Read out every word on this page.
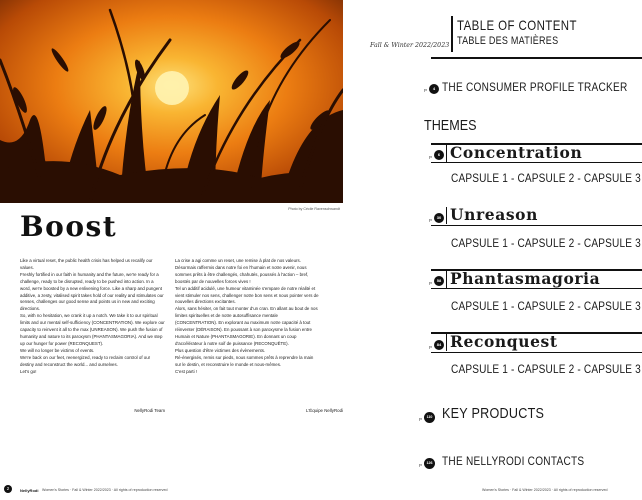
Photo by Cécile Ravenschwandt
Boost

Like a virtual reset, the public health crisis has helped us recalify our values.

Freshly fortified in our faith in humanity and the future, we're ready for a challenge, ready to be disrupted, ready to be pushed into action. In a word, we're boosted by a new enlivening force. Like a sharp and pungent additive, a zesty, vitalised spirit takes hold of our reality and stimulates our senses, challenges our good sense and points us in new and exciting directions.

So, with no hesitation, we crank it up a notch. We take it to our spiritual limits and our mental self-sufficiency (CONCENTRATION). We explore our capacity to reinvent it all to the max (UNREASON). We push the fusion of humanity and nature to its paroxysm (PHANTASMAGORIA). And we step up our hunger for power (RECONQUEST).

We will no longer be victims of events.

We're back on our feet, reenergized, ready to reclaim control of our destiny and reconstruct the world... and ourselves.

Let's go!

NellyRodi Team

La crise a agi comme un reset, une remise à plat de nos valeurs.

Désormais raffermis dans notre foi en l'humain et notre avenir, nous sommes prêts à être challengés, chahutés, poussés à l'action – bref, boostés par de nouvelles forces vives !

Tel un additif acidulé, une humeur vitaminée s'empare de notre réalité et vient stimuler nos sens, challenger notre bon sens et nous pointer vers de nouvelles directions excitantes.

Alors, sans hésiter, on fait tout monter d'un cran. En allant au bout de nos limites spirituelles et de notre autosuffisance mentale (CONCENTRATION). En explorant au maximum notre capacité à tout réinventer (DÉRAISON). En poussant à son paroxysme la fusion entre Humain et Nature (PHANTASMAGORIE). En donnant un coup d'accélérateur à notre soif de puissance (RECONQUÊTE).

Plus question d'être victimes des évènements.

Ré-énergisés, remis sur pieds, nous sommes prêts à reprendre la main sur le destin, et reconstruire le monde et nous-mêmes.

C'est parti !

L'Équipe NellyRodi
2	NellyRodi Women's Stories · Fall & Winter 2022/2023 · All rights of reproduction reserved
Fall & Winter 2022/2023
TABLE OF CONTENT
TABLE DES MATIÈRES
P	4 THE CONSUMER PROFILE TRACKER
THEMES
P
6 Concentration
CAPSULE 1 - CAPSULE 2 - CAPSULE 3
P
30 Unreason
CAPSULE 1 - CAPSULE 2 - CAPSULE 3
P
58 Phantasmagoria
CAPSULE 1 - CAPSULE 2 - CAPSULE 3
P
84 Reconquest
CAPSULE 1 - CAPSULE 2 - CAPSULE 3
P	110 KEY PRODUCTS
P	126 THE NELLYRODI CONTACTS
Women's Stories · Fall & Winter 2022/2023 · All rights of reproduction reserved
